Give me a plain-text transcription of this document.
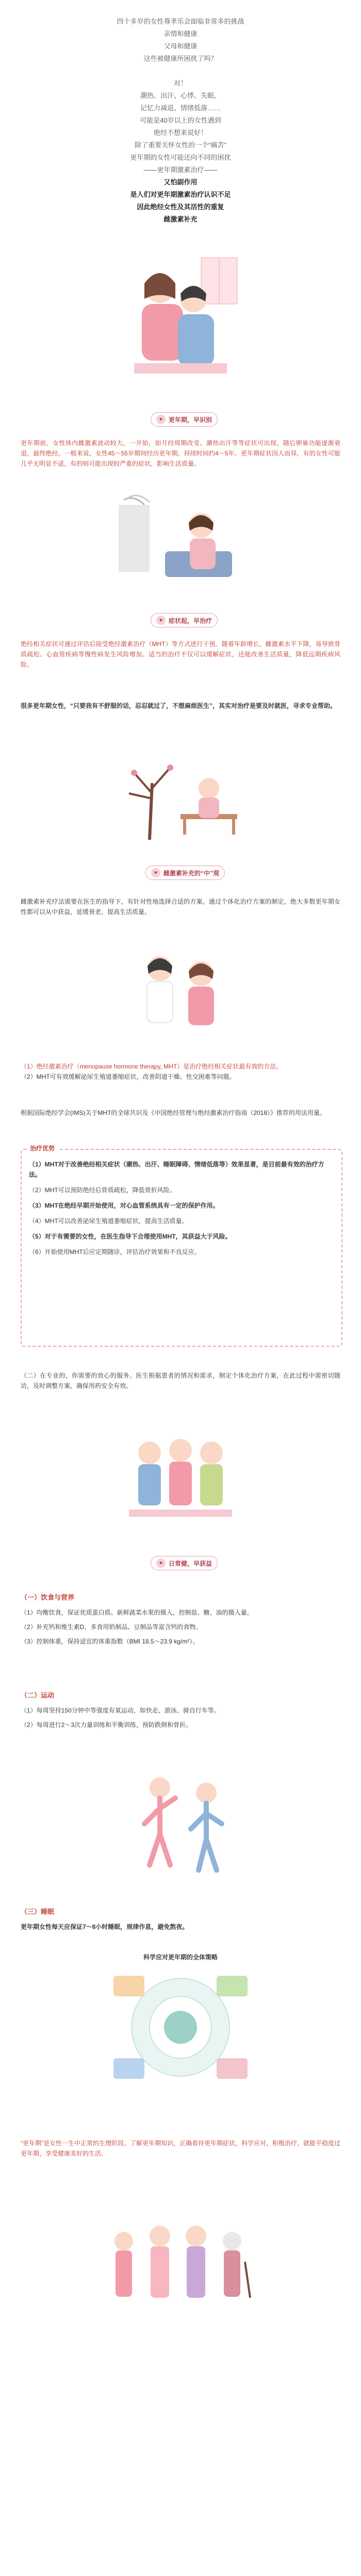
四十多岁的女性尊孝乐会面临非常多的挑战
亲情和健康
父母和健康
这些被健康所困扰了吗？
对！
潮热、出汗、心悸、失眠、
记忆力减退、情绪低落……
可能是40岁以上的女性遇到
绝经不想来说好！
除了重要关怀女性的一个“痛苦”
更年期的女性可能还向不同的困扰
——更年期激素治疗——
又怕副作用
是人们对更年期激素治疗认识不足
因此绝经女性及其活性的重复
雌激素补充
♥	更年期，早识别
更年期前，女性体内雌激素波动较大，一开始，如月经周期改变、潮热出汗等等症状可出现，随后卵巢功能逐渐衰退，最终绝经。一般来说，女性45～55岁期间经历更年期，持续时间约4～5年。更年期症状因人而异，有的女性可能几乎无明显不适，有的则可能出现较严重的症状，影响生活质量。
♥	症状起，早治疗
绝经相关症状可通过评估后接受绝经激素治疗（MHT）等方式进行干预。随着年龄增长，雌激素水平下降，易导致骨质疏松、心血管疾病等慢性病发生风险增加。适当的治疗不仅可以缓解症状，还能改善生活质量，降低远期疾病风险。
很多更年期女性，“只要我有不舒服的话，忍忍就过了，不想麻烦医生”，其实对治疗是要及时就医，寻求专业帮助。
♥	雌激素补充的“中”观
雌激素补充疗法需要在医生的指导下，有针对性地选择合适的方案。通过个体化治疗方案的制定，绝大多数更年期女性都可以从中获益，延缓衰老，提高生活质量。
（1）绝经激素治疗（menopause hormone therapy, MHT）是治疗绝经相关症状最有效的方法。
（2）MHT可有效缓解泌尿生殖道萎缩症状，改善阴道干燥、性交困难等问题。
根据国际绝经学会(IMS)关于MHT的全球共识及《中国绝经管理与绝经激素治疗指南（2018）》推荐的用法用量。
治疗优势
（1）MHT对于改善绝经相关症状（潮热、出汗、睡眠障碍、情绪低落等）效果显著，是目前最有效的治疗方法。
（2）MHT可以预防绝经后骨质疏松，降低骨折风险。
（3）MHT在绝经早期开始使用，对心血管系统具有一定的保护作用。
（4）MHT可以改善泌尿生殖道萎缩症状，提高生活质量。
（5）对于有需要的女性，在医生指导下合理使用MHT，其获益大于风险。
（6）开始使用MHT后应定期随诊，评估治疗效果和不良反应。
（二）在专业的，你需要的放心的服务。医生根据患者的情况和需求，制定个体化治疗方案，在此过程中需密切随访，及时调整方案，确保用药安全有效。
♥	日常健，早获益
（一）饮食与营养
（1）均衡饮食，保证优质蛋白质、新鲜蔬菜水果的摄入，控制盐、糖、油的摄入量。
（2）补充钙和维生素D，多食用奶制品、豆制品等富含钙的食物。
（3）控制体重，保持适宜的体重指数（BMI 18.5～23.9 kg/m²）。
（二）运动
（1）每周坚持150分钟中等强度有氧运动，如快走、游泳、骑自行车等。
（2）每周进行2～3次力量训练和平衡训练，预防跌倒和骨折。
（三）睡眠
更年期女性每天应保证7～8小时睡眠，规律作息，避免熬夜。
科学应对更年期的全体策略
“更年期”是女性一生中正常的生理阶段。了解更年期知识，正确看待更年期症状，科学应对，积极治疗，就能平稳度过更年期，享受健康美好的生活。
